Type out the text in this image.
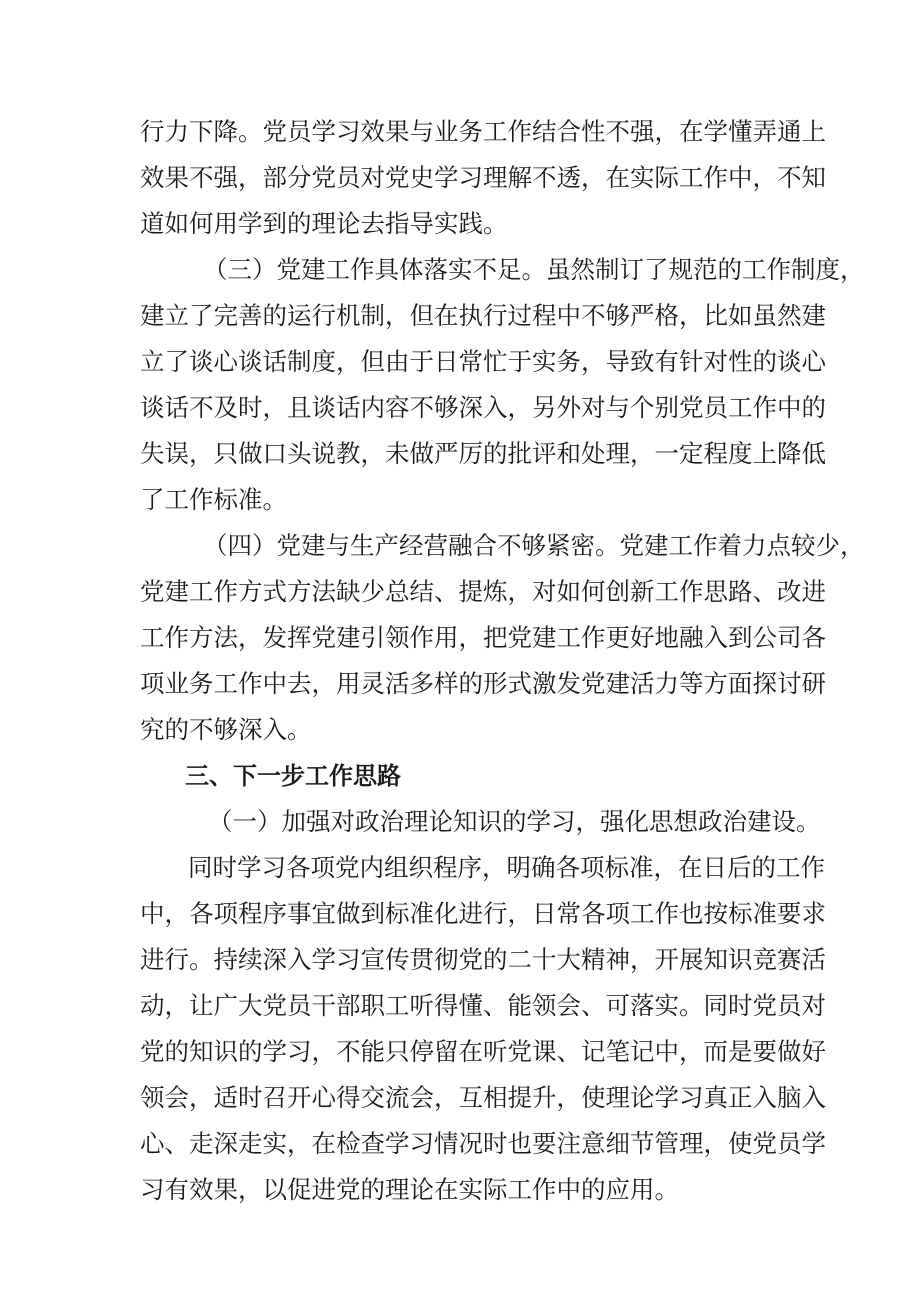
行力下降。党员学习效果与业务工作结合性不强，在学懂弄通上
效果不强，部分党员对党史学习理解不透，在实际工作中，不知
道如何用学到的理论去指导实践。
（三）党建工作具体落实不足。虽然制订了规范的工作制度，
建立了完善的运行机制，但在执行过程中不够严格，比如虽然建
立了谈心谈话制度，但由于日常忙于实务，导致有针对性的谈心
谈话不及时，且谈话内容不够深入，另外对与个别党员工作中的
失误，只做口头说教，未做严厉的批评和处理，一定程度上降低
了工作标准。
（四）党建与生产经营融合不够紧密。党建工作着力点较少，
党建工作方式方法缺少总结、提炼，对如何创新工作思路、改进
工作方法，发挥党建引领作用，把党建工作更好地融入到公司各
项业务工作中去，用灵活多样的形式激发党建活力等方面探讨研
究的不够深入。
三、下一步工作思路
（一）加强对政治理论知识的学习，强化思想政治建设。
同时学习各项党内组织程序，明确各项标准，在日后的工作
中，各项程序事宜做到标准化进行，日常各项工作也按标准要求
进行。持续深入学习宣传贯彻党的二十大精神，开展知识竞赛活
动，让广大党员干部职工听得懂、能领会、可落实。同时党员对
党的知识的学习，不能只停留在听党课、记笔记中，而是要做好
领会，适时召开心得交流会，互相提升，使理论学习真正入脑入
心、走深走实，在检查学习情况时也要注意细节管理，使党员学
习有效果，以促进党的理论在实际工作中的应用。
